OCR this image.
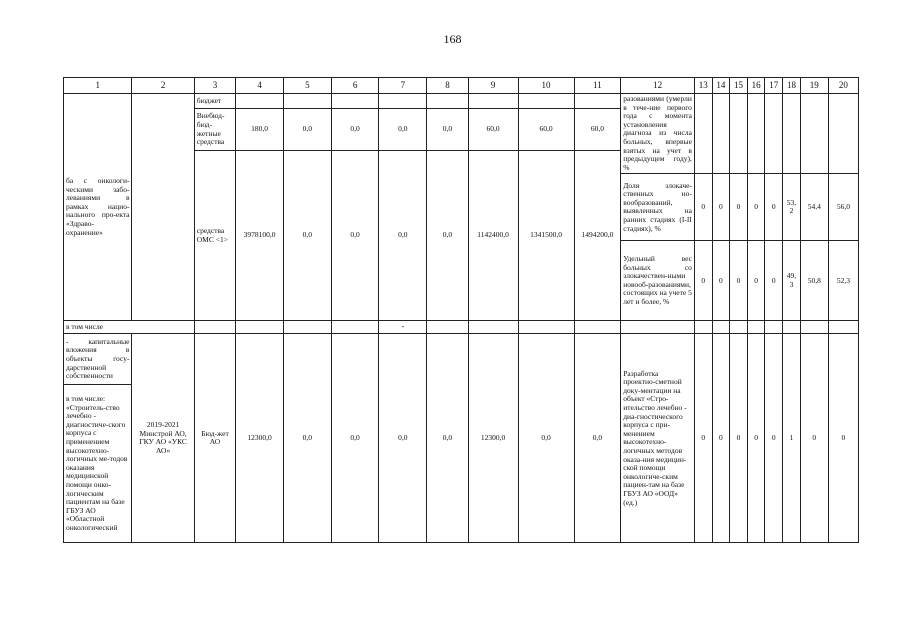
168
1	2	3	4	5	6	7	8	9	10	11	12	13	14	15	16	17	18	19	20
ба с онкологи-ческими забо-леваниями в рамках нацио-нального про-екта «Здраво-охранение»		бюджет									разованиями (умерли в тече-ние первого года с момента установления диагноза из числа больных, впервые взятых на учет в предыдущем году), %								
		Внебюд-бюд-жетные средства	180,0	0,0	0,0	0,0	0,0	60,0	60,0	60,0									
		средства ОМС <1>	3978100,0	0,0	0,0	0,0	0,0	1142400,0	1341500,0	1494200,0									
											Доля злокаче-ственных но-вообразований, выявленных на ранних стадиях (I-II стадиях), %	0	0	0	0	0	53,2	54,4	56,0
											Удельный вес больных со злокачествен-ными новооб-разованиями, состоящих на учете 5 лет и более, %	0	0	0	0	0	49,3	50,8	52,3
в том числе						-													
- капитальные вложения в объекты госу-дарственной собственности	2019-2021 Минстрой АО, ГКУ АО «УКС АО»	Бюд-жет АО	12300,0	0,0	0,0	0,0	0,0	12300,0	0,0	0,0	Разработка проектно-сметной доку-ментации на объект «Стро-ительство лечебно - диа-гностического корпуса с при-менением высокотехно-логичных методов оказа-ния медицин-ской помощи онкологиче-ским пациен-там на базе ГБУЗ АО «ООД» (ед.)	0	0	0	0	0	1	0	0
в том числе: «Строитель-ство лечебно - диагностиче-ского корпуса с применением высокотехно-логичных ме-тодов оказания медицинской помощи онко-логическим пациентам на базе ГБУЗ АО «Областной онкологический																			
